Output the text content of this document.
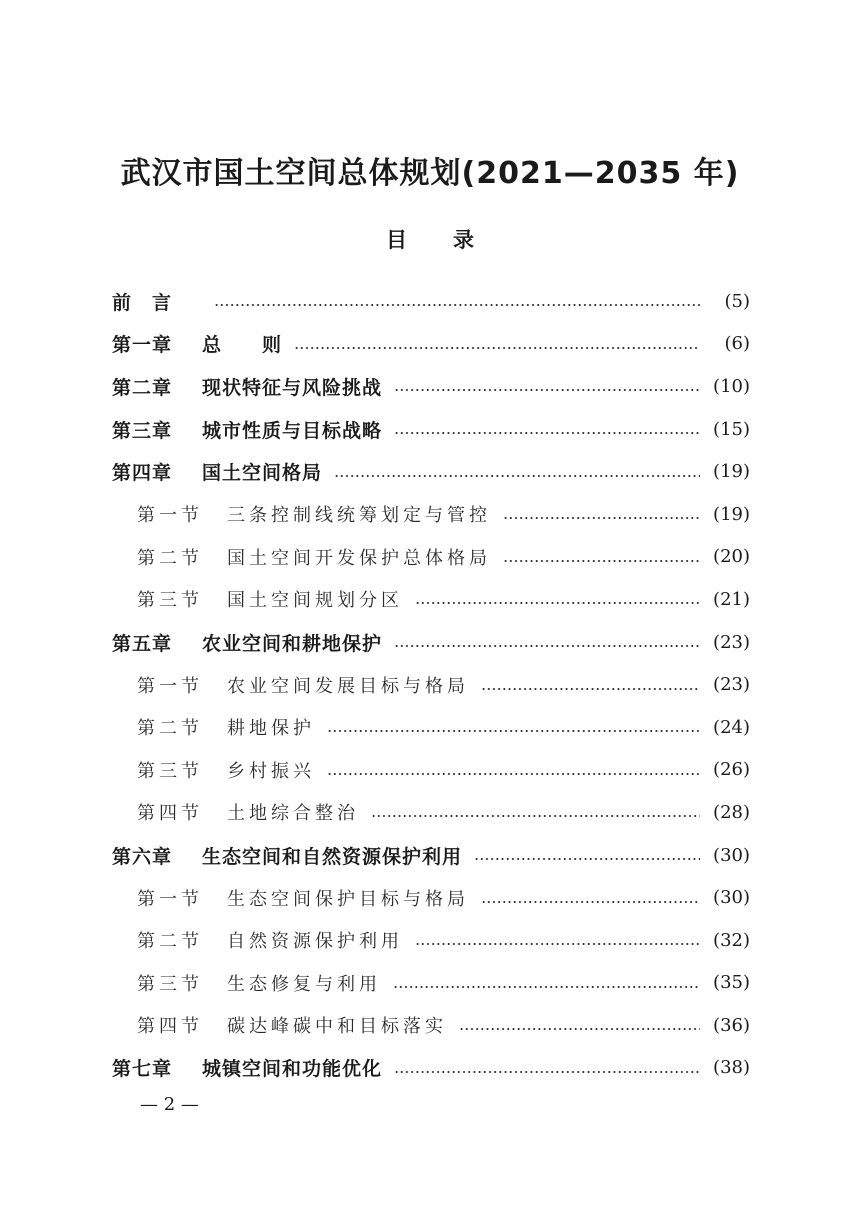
武汉市国土空间总体规划(2021—2035 年)
目录
前　言	(5)
第一章	总　　则	(6)
第二章	现状特征与风险挑战	(10)
第三章	城市性质与目标战略	(15)
第四章	国土空间格局	(19)
第一节	三条控制线统筹划定与管控	(19)
第二节	国土空间开发保护总体格局	(20)
第三节	国土空间规划分区	(21)
第五章	农业空间和耕地保护	(23)
第一节	农业空间发展目标与格局	(23)
第二节	耕地保护	(24)
第三节	乡村振兴	(26)
第四节	土地综合整治	(28)
第六章	生态空间和自然资源保护利用	(30)
第一节	生态空间保护目标与格局	(30)
第二节	自然资源保护利用	(32)
第三节	生态修复与利用	(35)
第四节	碳达峰碳中和目标落实	(36)
第七章	城镇空间和功能优化	(38)
— 2 —
